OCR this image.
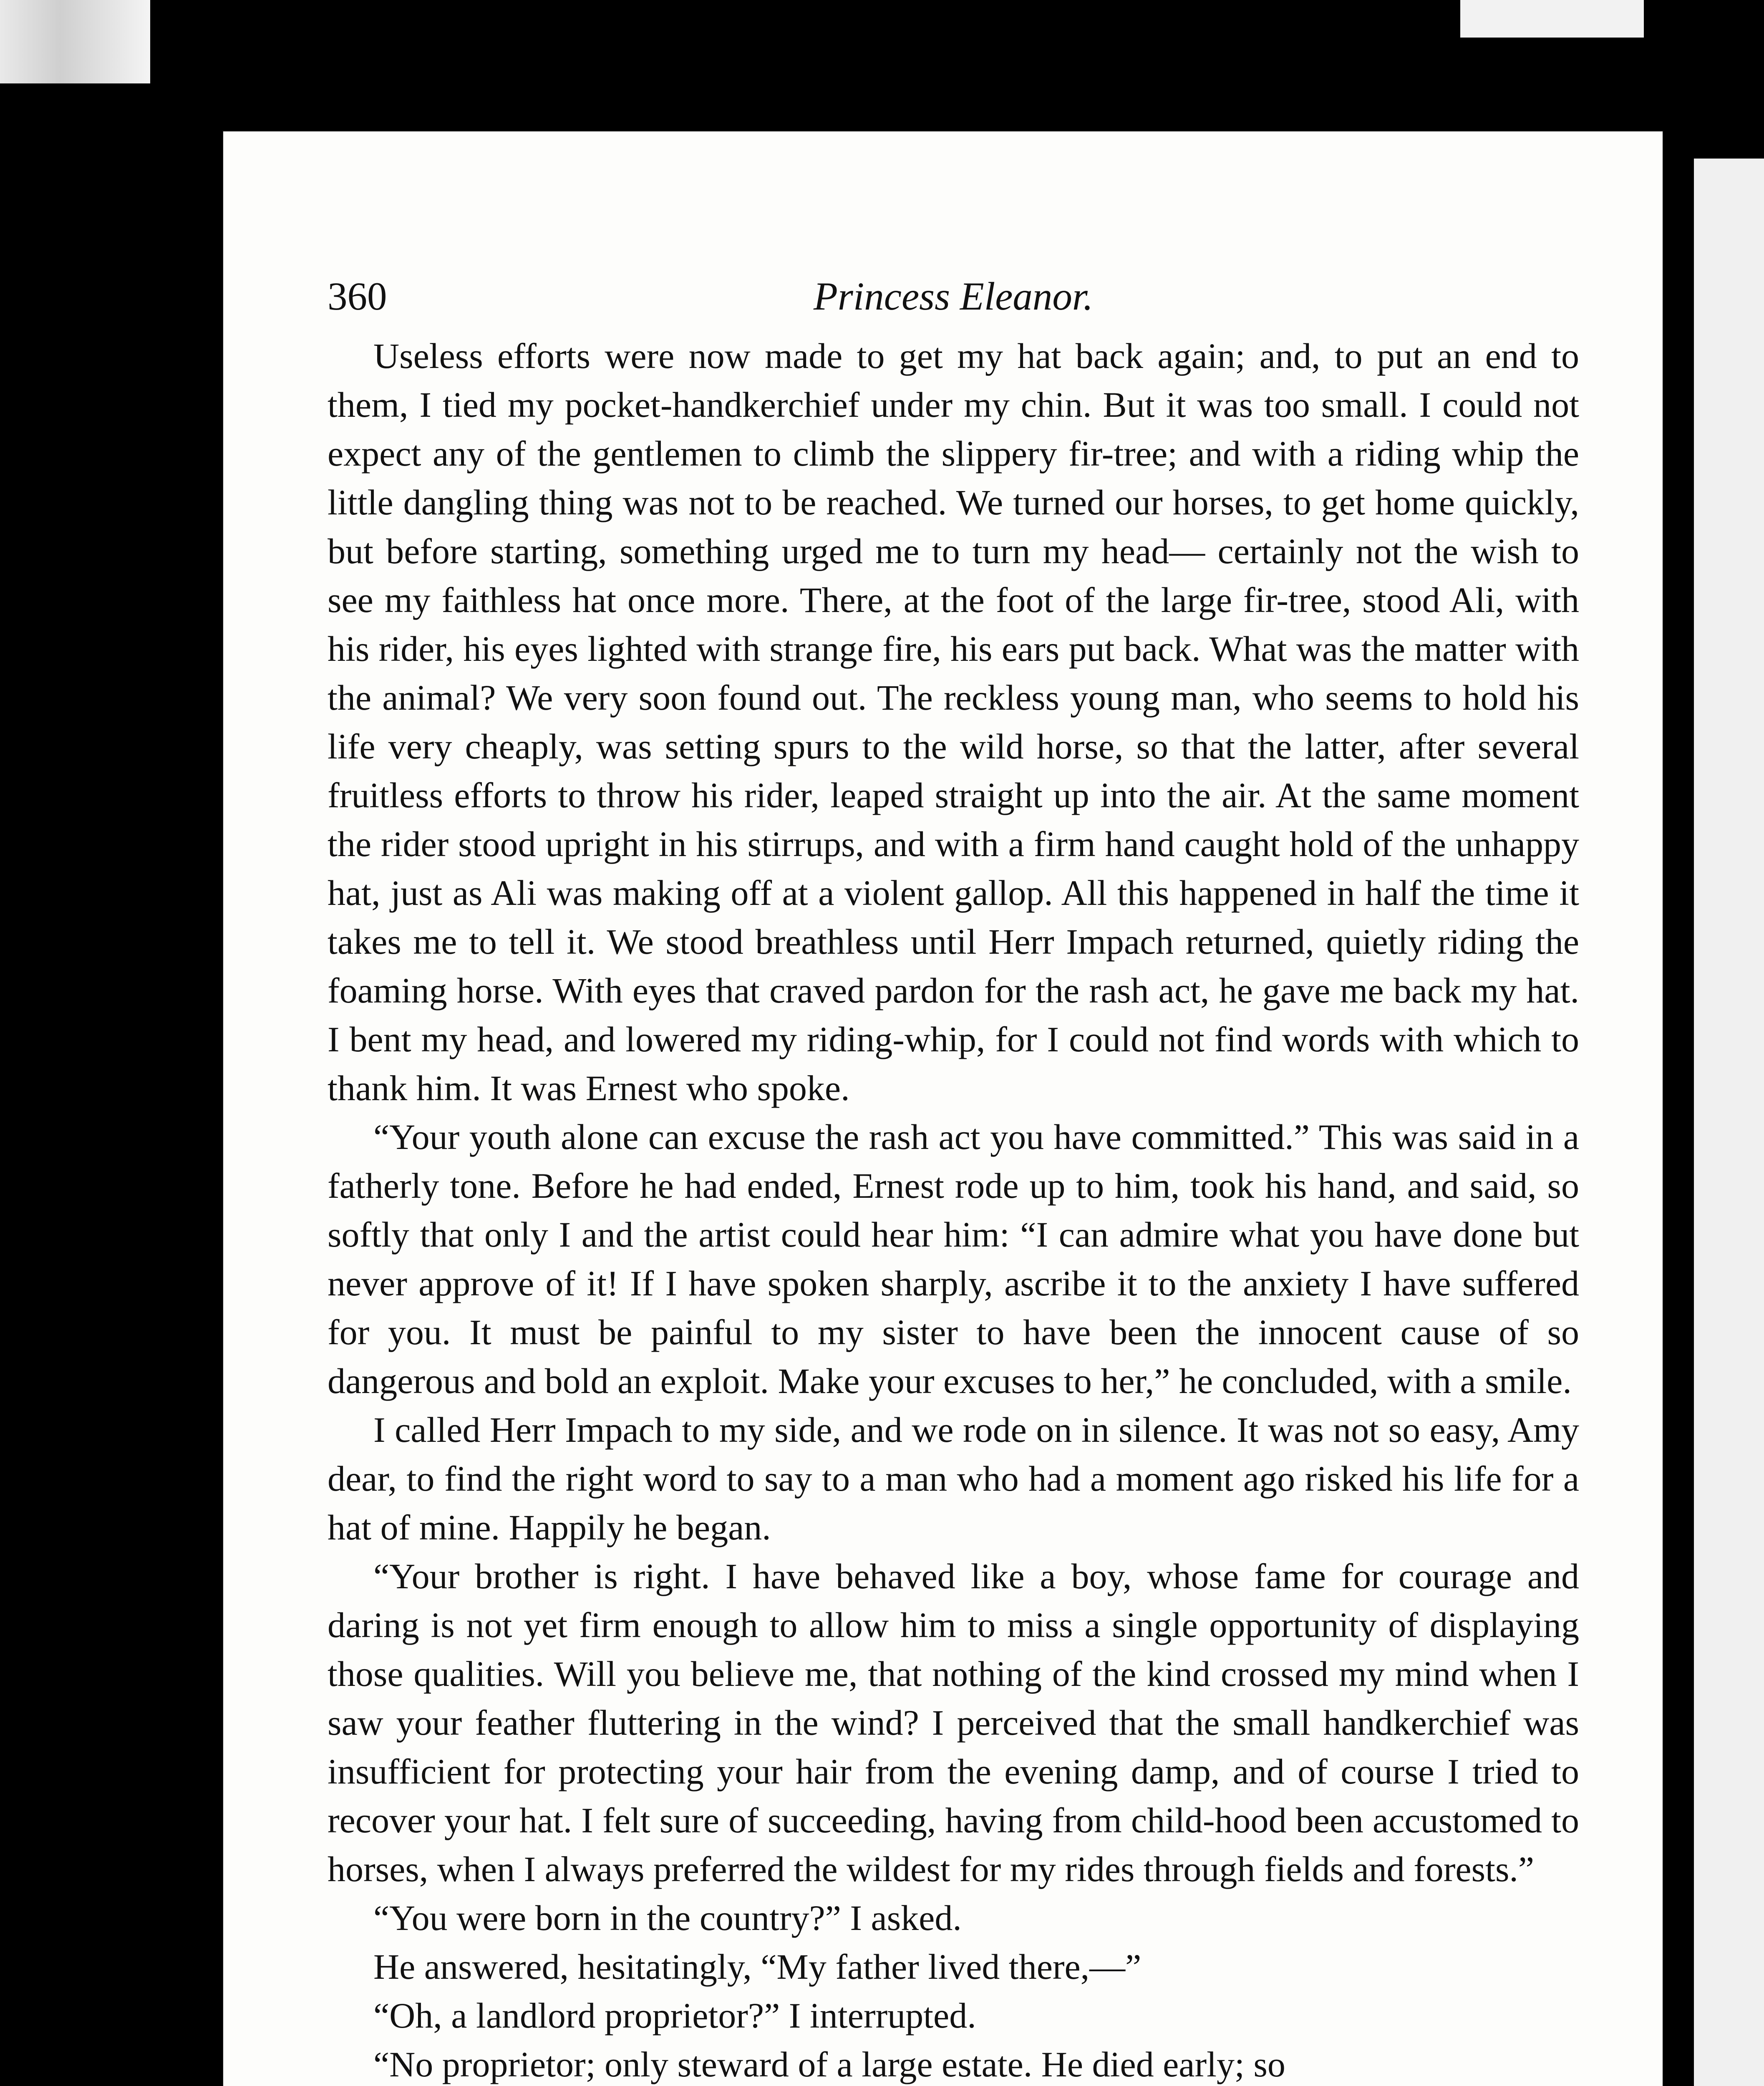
360	Princess Eleanor.

Useless efforts were now made to get my hat back again; and, to put an end to them, I tied my pocket-handkerchief under my chin. But it was too small. I could not expect any of the gentlemen to climb the slippery fir-tree; and with a riding whip the little dangling thing was not to be reached. We turned our horses, to get home quickly, but before starting, something urged me to turn my head— certainly not the wish to see my faithless hat once more. There, at the foot of the large fir-tree, stood Ali, with his rider, his eyes lighted with strange fire, his ears put back. What was the matter with the animal? We very soon found out. The reckless young man, who seems to hold his life very cheaply, was setting spurs to the wild horse, so that the latter, after several fruitless efforts to throw his rider, leaped straight up into the air. At the same moment the rider stood upright in his stirrups, and with a firm hand caught hold of the unhappy hat, just as Ali was making off at a violent gallop. All this happened in half the time it takes me to tell it. We stood breathless until Herr Impach returned, quietly riding the foaming horse. With eyes that craved pardon for the rash act, he gave me back my hat. I bent my head, and lowered my riding-whip, for I could not find words with which to thank him. It was Ernest who spoke.

“Your youth alone can excuse the rash act you have committed.” This was said in a fatherly tone. Before he had ended, Ernest rode up to him, took his hand, and said, so softly that only I and the artist could hear him: “I can admire what you have done but never approve of it! If I have spoken sharply, ascribe it to the anxiety I have suffered for you. It must be painful to my sister to have been the innocent cause of so dangerous and bold an exploit. Make your excuses to her,” he concluded, with a smile.

I called Herr Impach to my side, and we rode on in silence. It was not so easy, Amy dear, to find the right word to say to a man who had a moment ago risked his life for a hat of mine. Happily he began.

“Your brother is right. I have behaved like a boy, whose fame for courage and daring is not yet firm enough to allow him to miss a single opportunity of displaying those qualities. Will you believe me, that nothing of the kind crossed my mind when I saw your feather fluttering in the wind? I perceived that the small handkerchief was insufficient for protecting your hair from the evening damp, and of course I tried to recover your hat. I felt sure of succeeding, having from child-hood been accustomed to horses, when I always preferred the wildest for my rides through fields and forests.”

“You were born in the country?” I asked.

He answered, hesitatingly, “My father lived there,—”

“Oh, a landlord proprietor?” I interrupted.

“No proprietor; only steward of a large estate. He died early; so
